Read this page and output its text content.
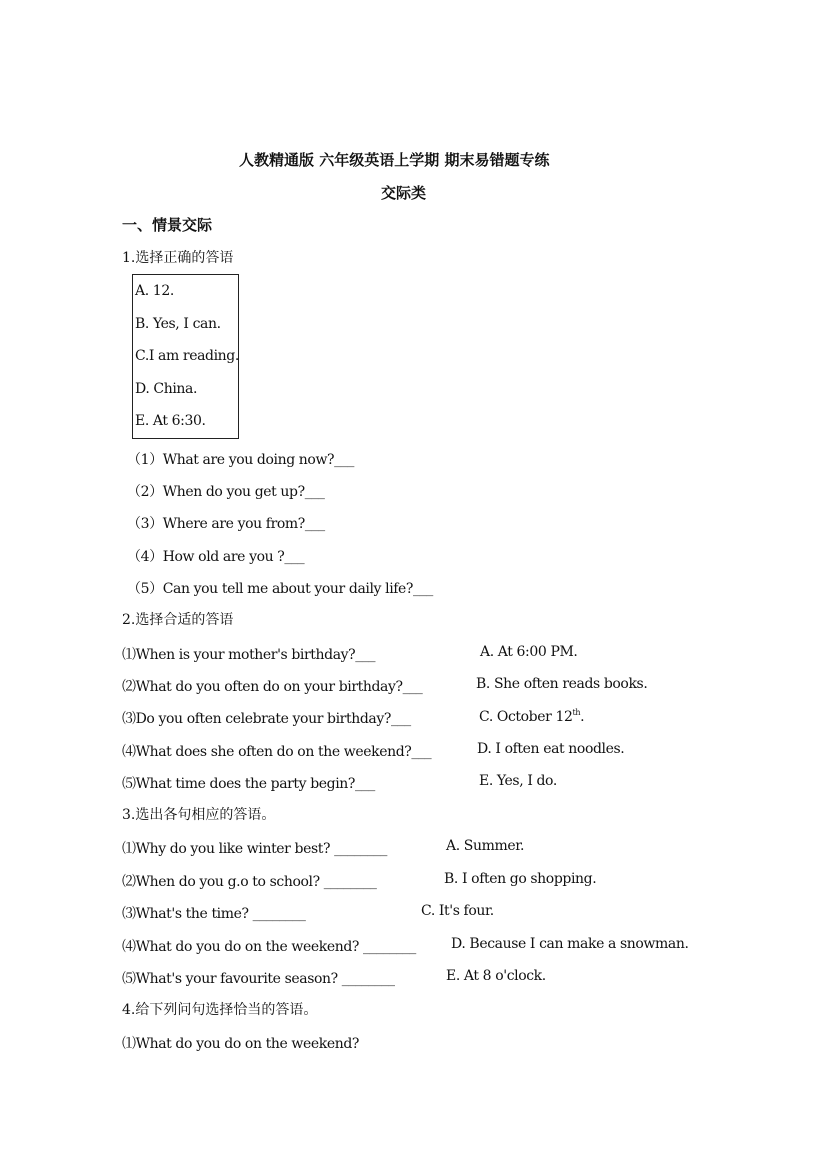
人教精通版 六年级英语上学期 期末易错题专练
交际类
一、情景交际
1.选择正确的答语
A. 12.
B. Yes, I can.
C.I am reading.
D. China.
E. At 6:30.
（1）What are you doing now?___
（2）When do you get up?___
（3）Where are you from?___
（4）How old are you ?___
（5）Can you tell me about your daily life?___
2.选择合适的答语
⑴When is your mother's birthday?___	A. At 6:00 PM.
⑵What do you often do on your birthday?___	B. She often reads books.
⑶Do you often celebrate your birthday?___	C. October 12th.
⑷What does she often do on the weekend?___	D. I often eat noodles.
⑸What time does the party begin?___	E. Yes, I do.
3.选出各句相应的答语。
⑴Why do you like winter best? ________	A. Summer.
⑵When do you g.o to school? ________	B. I often go shopping.
⑶What's the time? ________	C. It's four.
⑷What do you do on the weekend? ________	D. Because I can make a snowman.
⑸What's your favourite season? ________	E. At 8 o'clock.
4.给下列问句选择恰当的答语。
⑴What do you do on the weekend?
